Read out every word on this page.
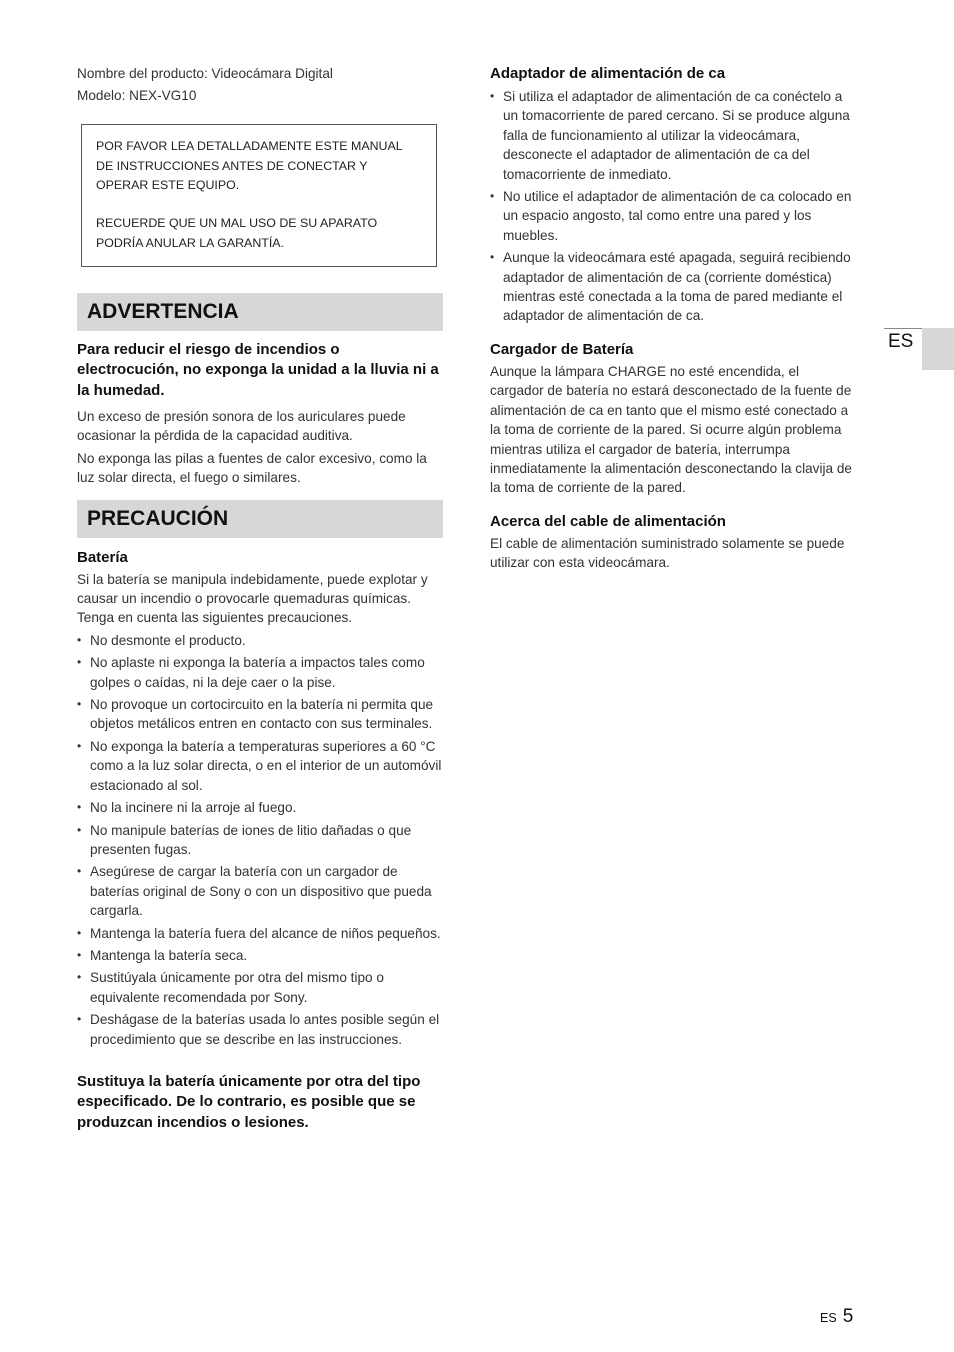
Nombre del producto: Videocámara Digital

Modelo: NEX-VG10

POR FAVOR LEA DETALLADAMENTE ESTE MANUAL DE INSTRUCCIONES ANTES DE CONECTAR Y OPERAR ESTE EQUIPO.

RECUERDE QUE UN MAL USO DE SU APARATO PODRÍA ANULAR LA GARANTÍA.

ADVERTENCIA

Para reducir el riesgo de incendios o electrocución, no exponga la unidad a la lluvia ni a la humedad.

Un exceso de presión sonora de los auriculares puede ocasionar la pérdida de la capacidad auditiva.

No exponga las pilas a fuentes de calor excesivo, como la luz solar directa, el fuego o similares.

PRECAUCIÓN
Batería

Si la batería se manipula indebidamente, puede explotar y causar un incendio o provocarle quemaduras químicas. Tenga en cuenta las siguientes precauciones.

• No desmonte el producto.
• No aplaste ni exponga la batería a impactos tales como golpes o caídas, ni la deje caer o la pise.
• No provoque un cortocircuito en la batería ni permita que objetos metálicos entren en contacto con sus terminales.
• No exponga la batería a temperaturas superiores a 60 °C como a la luz solar directa, o en el interior de un automóvil estacionado al sol.
• No la incinere ni la arroje al fuego.
• No manipule baterías de iones de litio dañadas o que presenten fugas.
• Asegúrese de cargar la batería con un cargador de baterías original de Sony o con un dispositivo que pueda cargarla.
• Mantenga la batería fuera del alcance de niños pequeños.
• Mantenga la batería seca.
• Sustitúyala únicamente por otra del mismo tipo o equivalente recomendada por Sony.
• Deshágase de la baterías usada lo antes posible según el procedimiento que se describe en las instrucciones.

Sustituya la batería únicamente por otra del tipo especificado. De lo contrario, es posible que se produzcan incendios o lesiones.

Adaptador de alimentación de ca
• Si utiliza el adaptador de alimentación de ca conéctelo a un tomacorriente de pared cercano. Si se produce alguna falla de funcionamiento al utilizar la videocámara, desconecte el adaptador de alimentación de ca del tomacorriente de inmediato.
• No utilice el adaptador de alimentación de ca colocado en un espacio angosto, tal como entre una pared y los muebles.
• Aunque la videocámara esté apagada, seguirá recibiendo adaptador de alimentación de ca (corriente doméstica) mientras esté conectada a la toma de pared mediante el adaptador de alimentación de ca.
Cargador de Batería

Aunque la lámpara CHARGE no esté encendida, el cargador de batería no estará desconectado de la fuente de alimentación de ca en tanto que el mismo esté conectado a la toma de corriente de la pared. Si ocurre algún problema mientras utiliza el cargador de batería, interrumpa inmediatamente la alimentación desconectando la clavija de la toma de corriente de la pared.

Acerca del cable de alimentación

El cable de alimentación suministrado solamente se puede utilizar con esta videocámara.

ES
ES 5
